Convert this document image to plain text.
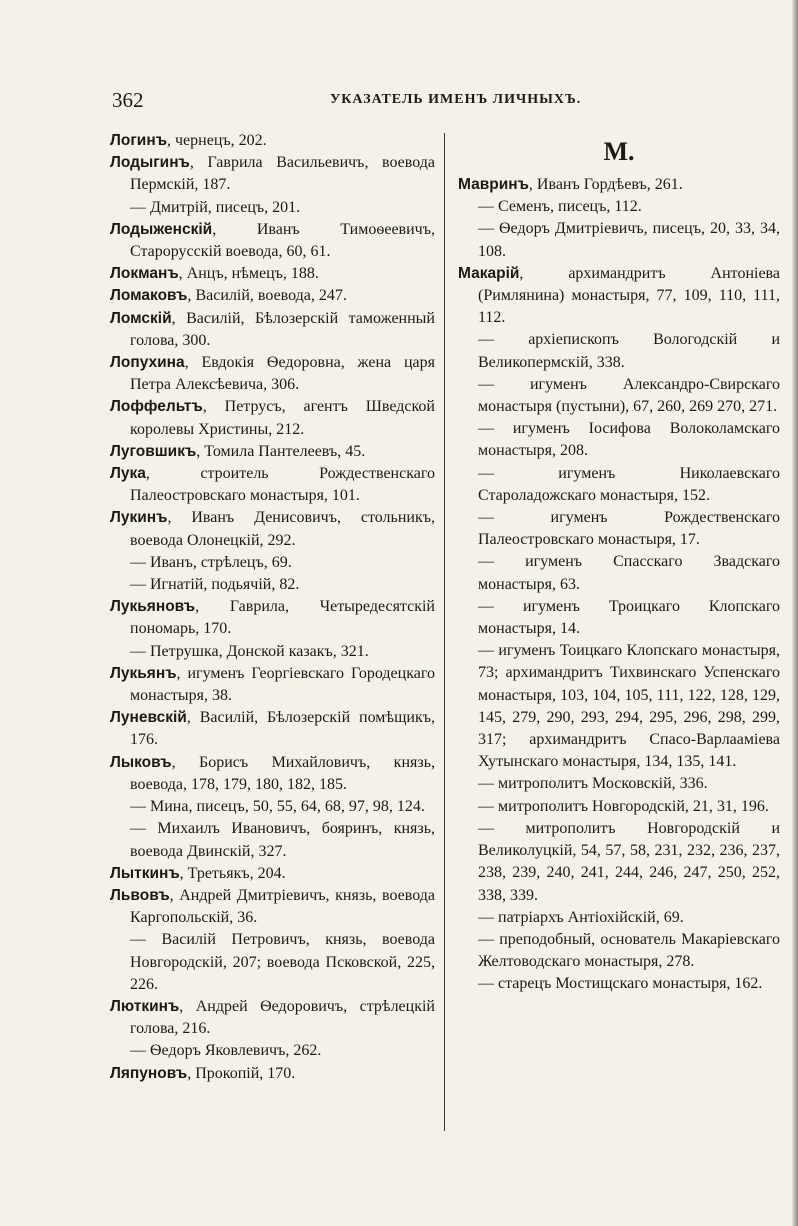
362	УКАЗАТЕЛЬ ИМЕНЪ ЛИЧНЫХЪ.

Логинъ, чернецъ, 202.

Лодыгинъ, Гаврила Васильевичъ, воевода Пермскій, 187.

— Дмитрій, писецъ, 201.

Лодыженскій, Иванъ Тимоѳеевичъ, Старорусскій воевода, 60, 61.

Локманъ, Анцъ, нѣмецъ, 188.

Ломаковъ, Василій, воевода, 247.

Ломскій, Василій, Бѣлозерскій таможенный голова, 300.

Лопухина, Евдокія Ѳедоровна, жена царя Петра Алексѣевича, 306.

Лоффельтъ, Петрусъ, агентъ Шведской королевы Христины, 212.

Луговшикъ, Томила Пантелеевъ, 45.

Лука, строитель Рождественскаго Палеостровскаго монастыря, 101.

Лукинъ, Иванъ Денисовичъ, стольникъ, воевода Олонецкій, 292.

— Иванъ, стрѣлецъ, 69.

— Игнатій, подьячій, 82.

Лукьяновъ, Гаврила, Четыредесятскій пономарь, 170.

— Петрушка, Донской казакъ, 321.

Лукьянъ, игуменъ Георгіевскаго Городецкаго монастыря, 38.

Луневскій, Василій, Бѣлозерскій помѣщикъ, 176.

Лыковъ, Борисъ Михайловичъ, князь, воевода, 178, 179, 180, 182, 185.

— Мина, писецъ, 50, 55, 64, 68, 97, 98, 124.

— Михаилъ Ивановичъ, бояринъ, князь, воевода Двинскій, 327.

Лыткинъ, Третьякъ, 204.

Львовъ, Андрей Дмитріевичъ, князь, воевода Каргопольскій, 36.

— Василій Петровичъ, князь, воевода Новгородскій, 207; воевода Псковской, 225, 226.

Люткинъ, Андрей Ѳедоровичъ, стрѣлецкій голова, 216.

— Ѳедоръ Яковлевичъ, 262.

Ляпуновъ, Прокопій, 170.

М.

Мавринъ, Иванъ Гордѣевъ, 261.

— Семенъ, писецъ, 112.

— Ѳедоръ Дмитріевичъ, писецъ, 20, 33, 34, 108.

Макарій, архимандритъ Антоніева (Римлянина) монастыря, 77, 109, 110, 111, 112.

— архіепископъ Вологодскій и Великопермскій, 338.

— игуменъ Александро-Свирскаго монастыря (пустыни), 67, 260, 269 270, 271.

— игуменъ Іосифова Волоколамскаго монастыря, 208.

— игуменъ Николаевскаго Староладожскаго монастыря, 152.

— игуменъ Рождественскаго Палеостровскаго монастыря, 17.

— игуменъ Спасскаго Звадскаго монастыря, 63.

— игуменъ Троицкаго Клопскаго монастыря, 14.

— игуменъ Тоицкаго Клопскаго монастыря, 73; архимандритъ Тихвинскаго Успенскаго монастыря, 103, 104, 105, 111, 122, 128, 129, 145, 279, 290, 293, 294, 295, 296, 298, 299, 317; архимандритъ Спасо-Варлааміева Хутынскаго монастыря, 134, 135, 141.

— митрополитъ Московскій, 336.

— митрополитъ Новгородскій, 21, 31, 196.

— митрополитъ Новгородскій и Великолуцкій, 54, 57, 58, 231, 232, 236, 237, 238, 239, 240, 241, 244, 246, 247, 250, 252, 338, 339.

— патріархъ Антіохійскій, 69.

— преподобный, основатель Макаріевскаго Желтоводскаго монастыря, 278.

— старецъ Мостищскаго монастыря, 162.
